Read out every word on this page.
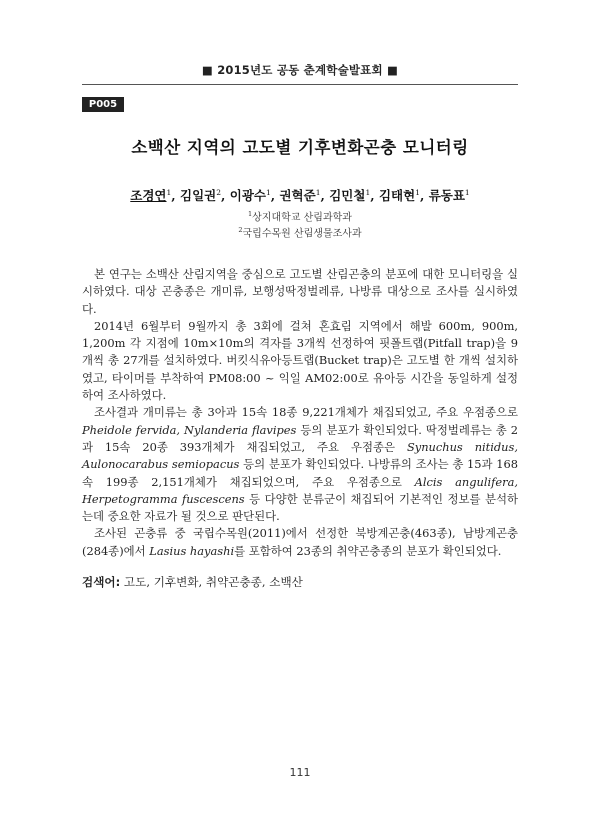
■ 2015년도 공동 춘계학술발표회 ■
P005
소백산 지역의 고도별 기후변화곤충 모니터링
조경연$^1$, 김일권$^2$, 이광수$^1$, 권혁준$^1$, 김민철$^1$, 김태현$^1$, 류동표$^1$
$^1$상지대학교 산림과학과
$^2$국립수목원 산림생물조사과

본 연구는 소백산 산림지역을 중심으로 고도별 산림곤충의 분포에 대한 모니터링을 실시하였다. 대상 곤충종은 개미류, 보행성딱정벌레류, 나방류 대상으로 조사를 실시하였다.

2014년 6월부터 9월까지 총 3회에 걸쳐 혼효림 지역에서 해발 600m, 900m, 1,200m 각 지점에 10m×10m의 격자를 3개씩 선정하여 핏폴트랩(Pitfall trap)을 9개씩 총 27개를 설치하였다. 버킷식유아등트랩(Bucket trap)은 고도별 한 개씩 설치하였고, 타이머를 부착하여 PM08:00 ~ 익일 AM02:00로 유아등 시간을 동일하게 설정하여 조사하였다.

조사결과 개미류는 총 3아과 15속 18종 9,221개체가 채집되었고, 주요 우점종으로 Pheidole fervida, Nylanderia flavipes 등의 분포가 확인되었다. 딱정벌레류는 총 2과 15속 20종 393개체가 채집되었고, 주요 우점종은 Synuchus nitidus, Aulonocarabus semiopacus 등의 분포가 확인되었다. 나방류의 조사는 총 15과 168속 199종 2,151개체가 채집되었으며, 주요 우점종으로 Alcis angulifera, Herpetogramma fuscescens 등 다양한 분류군이 채집되어 기본적인 정보를 분석하는데 중요한 자료가 될 것으로 판단된다.

조사된 곤충류 중 국립수목원(2011)에서 선정한 북방계곤충(463종), 남방계곤충(284종)에서 Lasius hayashi를 포함하여 23종의 취약곤충종의 분포가 확인되었다.

검색어: 고도, 기후변화, 취약곤충종, 소백산
111
